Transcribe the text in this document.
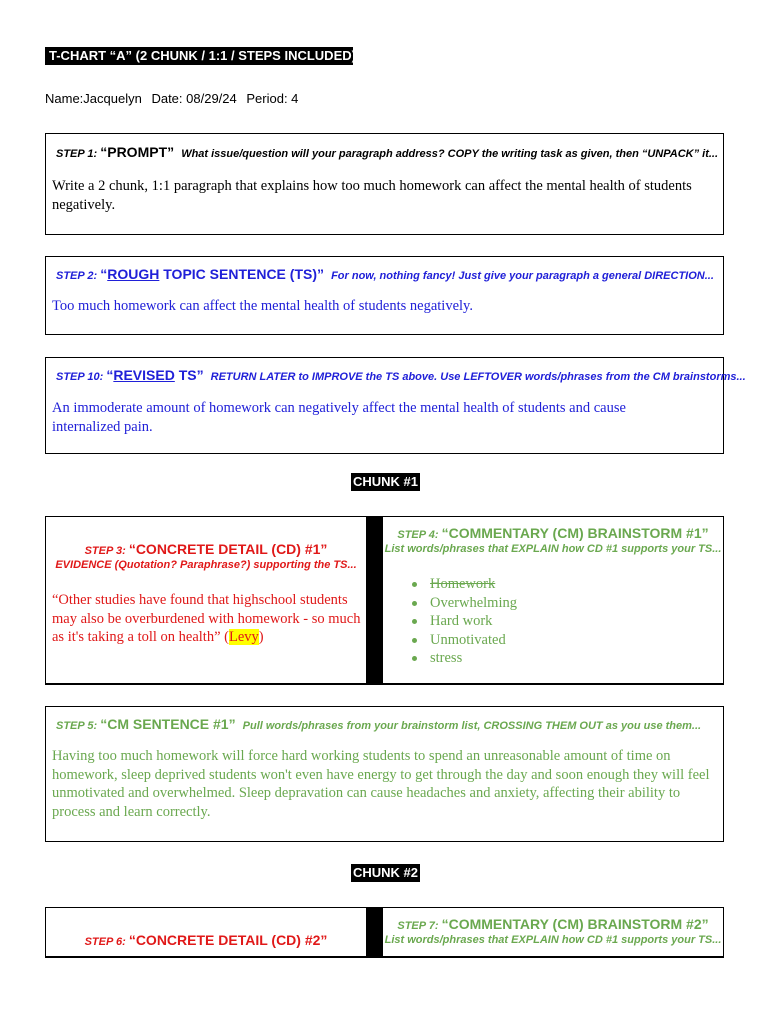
T-CHART “A” (2 CHUNK / 1:1 / STEPS INCLUDED)
Name:Jacquelyn Date: 08/29/24 Period: 4
STEP 1: “PROMPT” What issue/question will your paragraph address? COPY the writing task as given, then “UNPACK” it...
Write a 2 chunk, 1:1 paragraph that explains how too much homework can affect the mental health of students negatively.
STEP 2: “ROUGH TOPIC SENTENCE (TS)” For now, nothing fancy! Just give your paragraph a general DIRECTION...
Too much homework can affect the mental health of students negatively.
STEP 10: “REVISED TS” RETURN LATER to IMPROVE the TS above. Use LEFTOVER words/phrases from the CM brainstorms...
An immoderate amount of homework can negatively affect the mental health of students and cause internalized pain.
CHUNK #1
STEP 3: “CONCRETE DETAIL (CD) #1”
EVIDENCE (Quotation? Paraphrase?) supporting the TS...
“Other studies have found that highschool students may also be overburdened with homework - so much as it's taking a toll on health” (Levy)
STEP 4: “COMMENTARY (CM) BRAINSTORM #1”
List words/phrases that EXPLAIN how CD #1 supports your TS...
Homework
Overwhelming
Hard work
Unmotivated
stress
STEP 5: “CM SENTENCE #1” Pull words/phrases from your brainstorm list, CROSSING THEM OUT as you use them...
Having too much homework will force hard working students to spend an unreasonable amount of time on homework, sleep deprived students won't even have energy to get through the day and soon enough they will feel unmotivated and overwhelmed. Sleep depravation can cause headaches and anxiety, affecting their ability to process and learn correctly.
CHUNK #2
STEP 6: “CONCRETE DETAIL (CD) #2”
STEP 7: “COMMENTARY (CM) BRAINSTORM #2”
List words/phrases that EXPLAIN how CD #1 supports your TS...
